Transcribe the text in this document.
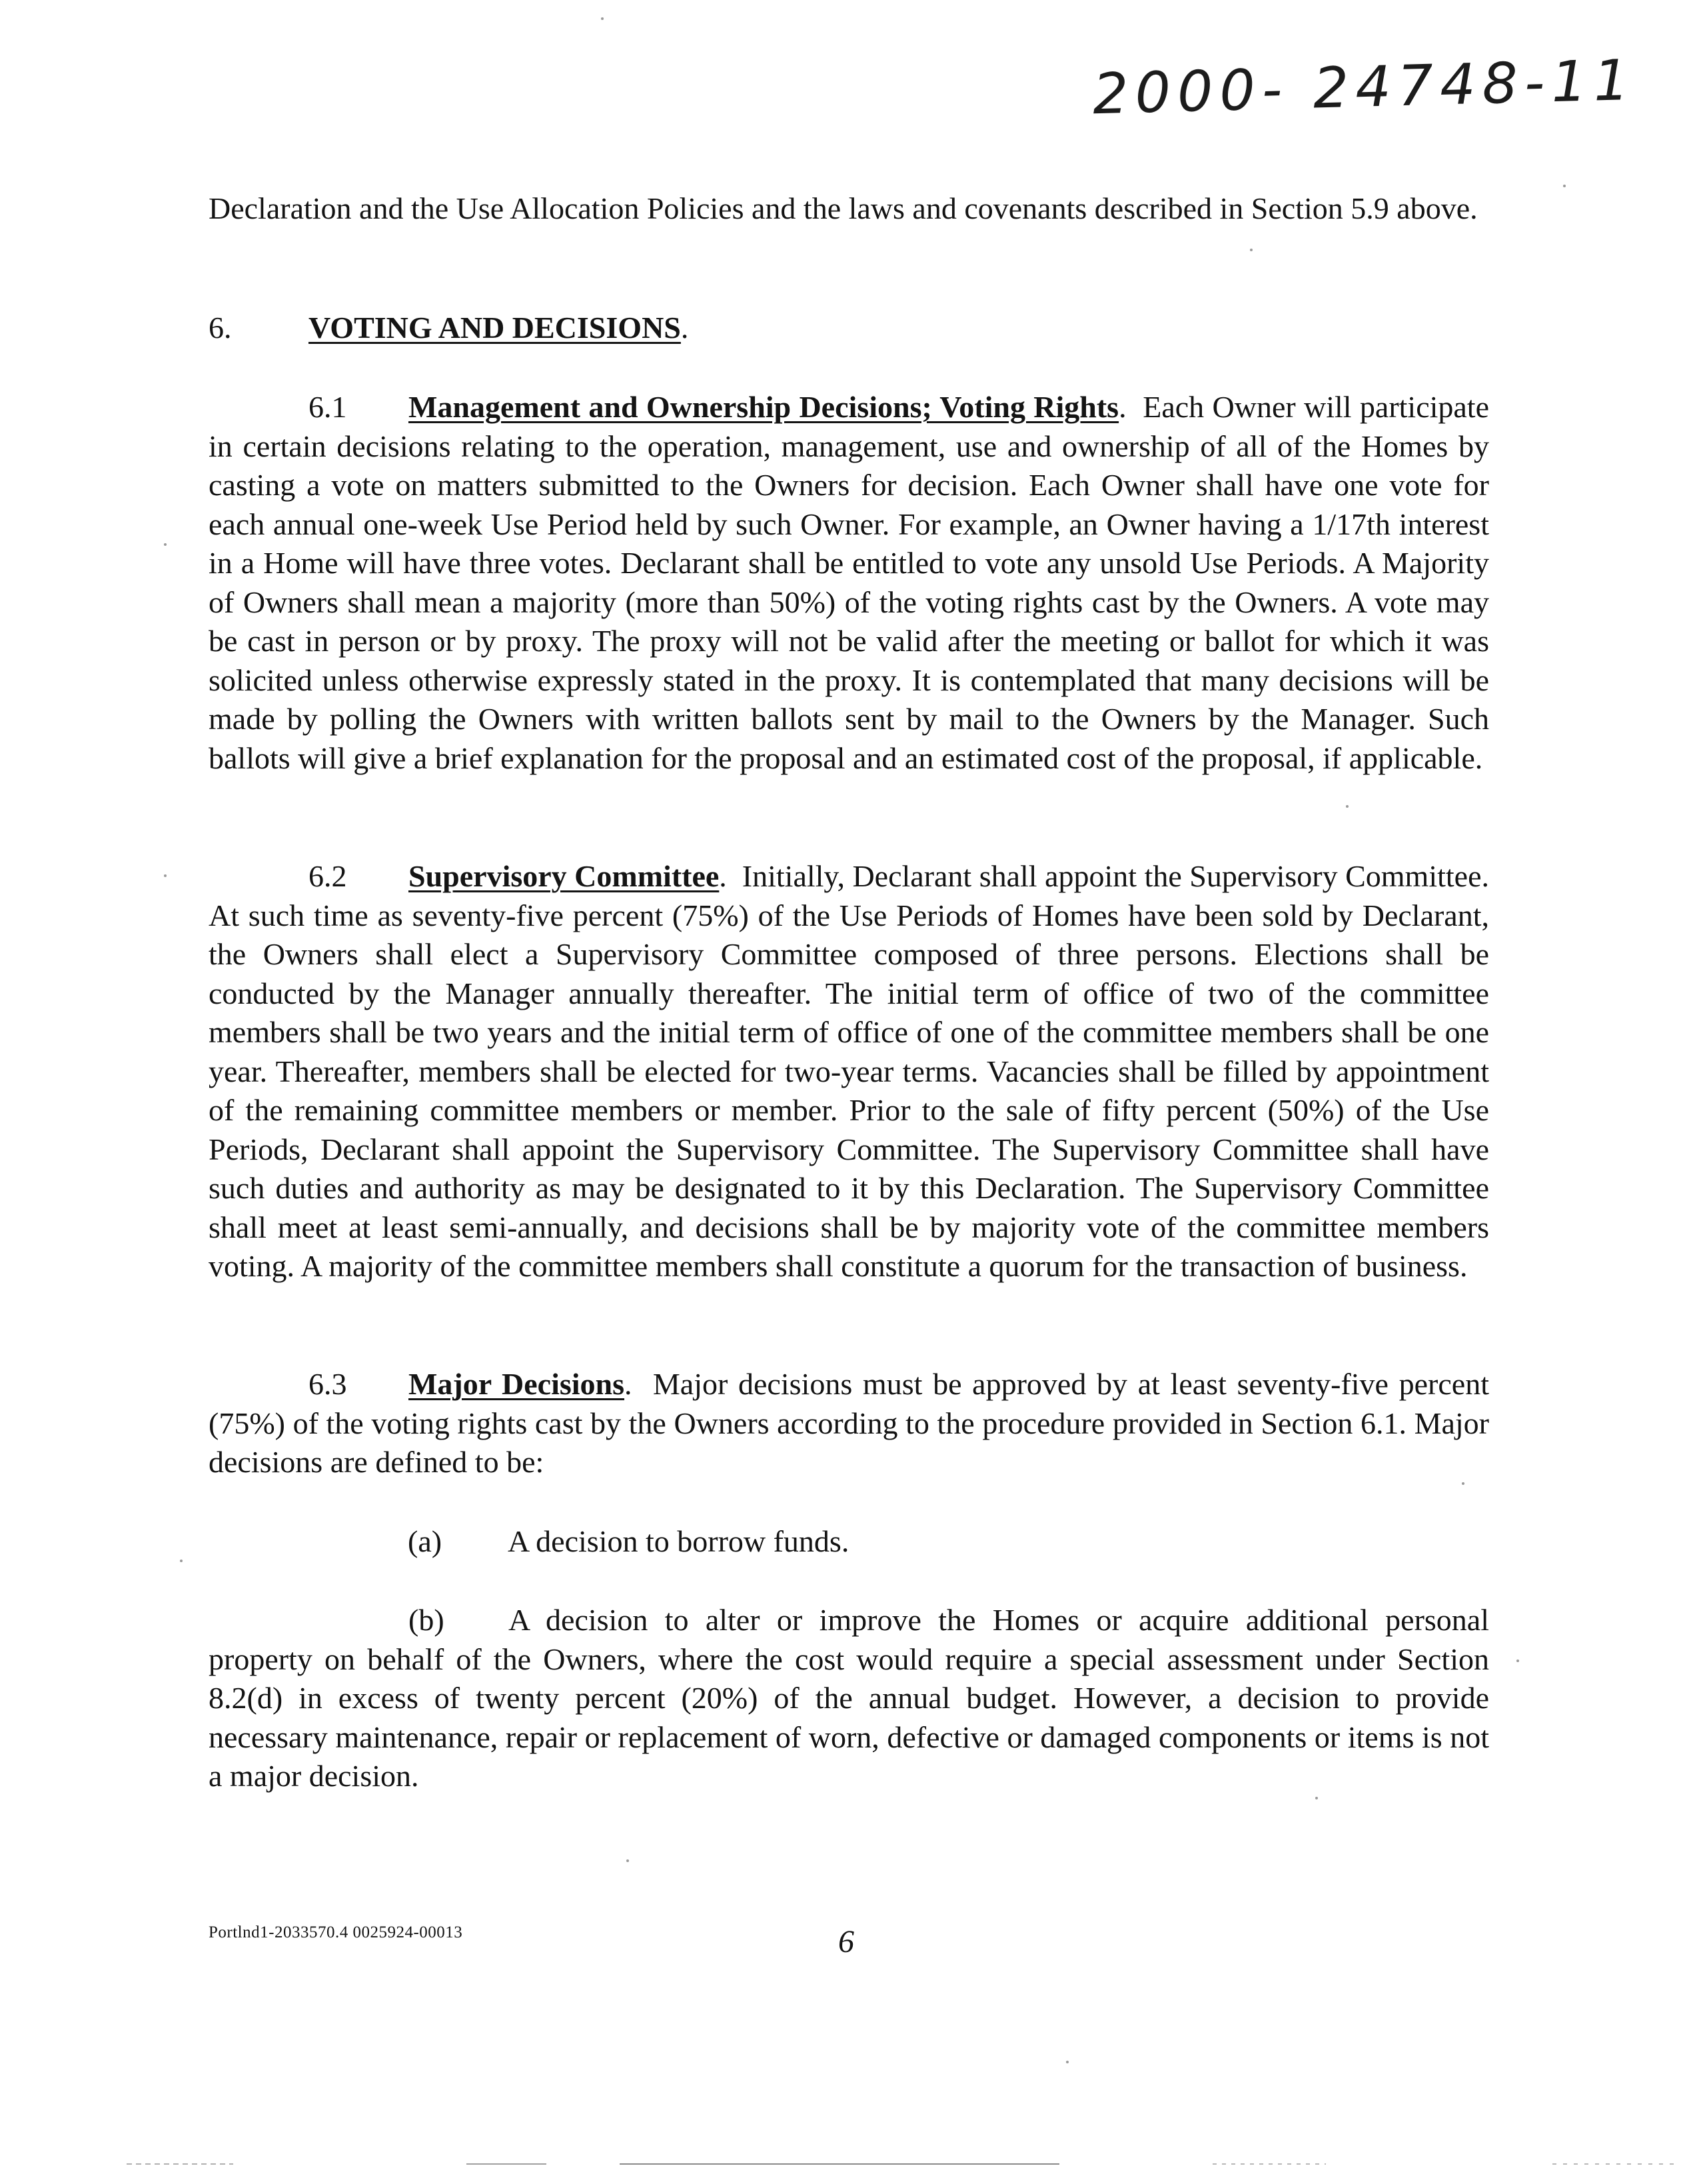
2000- 24748-11

Declaration and the Use Allocation Policies and the laws and covenants described in Section 5.9 above.

6.	VOTING AND DECISIONS.

6.1 Management and Ownership Decisions; Voting Rights.  Each Owner will participate in certain decisions relating to the operation, management, use and ownership of all of the Homes by casting a vote on matters submitted to the Owners for decision. Each Owner shall have one vote for each annual one-week Use Period held by such Owner. For example, an Owner having a 1/17th interest in a Home will have three votes. Declarant shall be entitled to vote any unsold Use Periods. A Majority of Owners shall mean a majority (more than 50%) of the voting rights cast by the Owners. A vote may be cast in person or by proxy. The proxy will not be valid after the meeting or ballot for which it was solicited unless otherwise expressly stated in the proxy. It is contemplated that many decisions will be made by polling the Owners with written ballots sent by mail to the Owners by the Manager. Such ballots will give a brief explanation for the proposal and an estimated cost of the proposal, if applicable.

6.2 Supervisory Committee.  Initially, Declarant shall appoint the Supervisory Committee. At such time as seventy-five percent (75%) of the Use Periods of Homes have been sold by Declarant, the Owners shall elect a Supervisory Committee composed of three persons. Elections shall be conducted by the Manager annually thereafter. The initial term of office of two of the committee members shall be two years and the initial term of office of one of the committee members shall be one year. Thereafter, members shall be elected for two-year terms. Vacancies shall be filled by appointment of the remaining committee members or member. Prior to the sale of fifty percent (50%) of the Use Periods, Declarant shall appoint the Supervisory Committee. The Supervisory Committee shall have such duties and authority as may be designated to it by this Declaration. The Supervisory Committee shall meet at least semi-annually, and decisions shall be by majority vote of the committee members voting. A majority of the committee members shall constitute a quorum for the transaction of business.

6.3 Major Decisions.  Major decisions must be approved by at least seventy-five percent (75%) of the voting rights cast by the Owners according to the procedure provided in Section 6.1. Major decisions are defined to be:

(a) A decision to borrow funds.

(b) A decision to alter or improve the Homes or acquire additional personal property on behalf of the Owners, where the cost would require a special assessment under Section 8.2(d) in excess of twenty percent (20%) of the annual budget. However, a decision to provide necessary maintenance, repair or replacement of worn, defective or damaged components or items is not a major decision.

Portlnd1-2033570.4 0025924-00013	6
